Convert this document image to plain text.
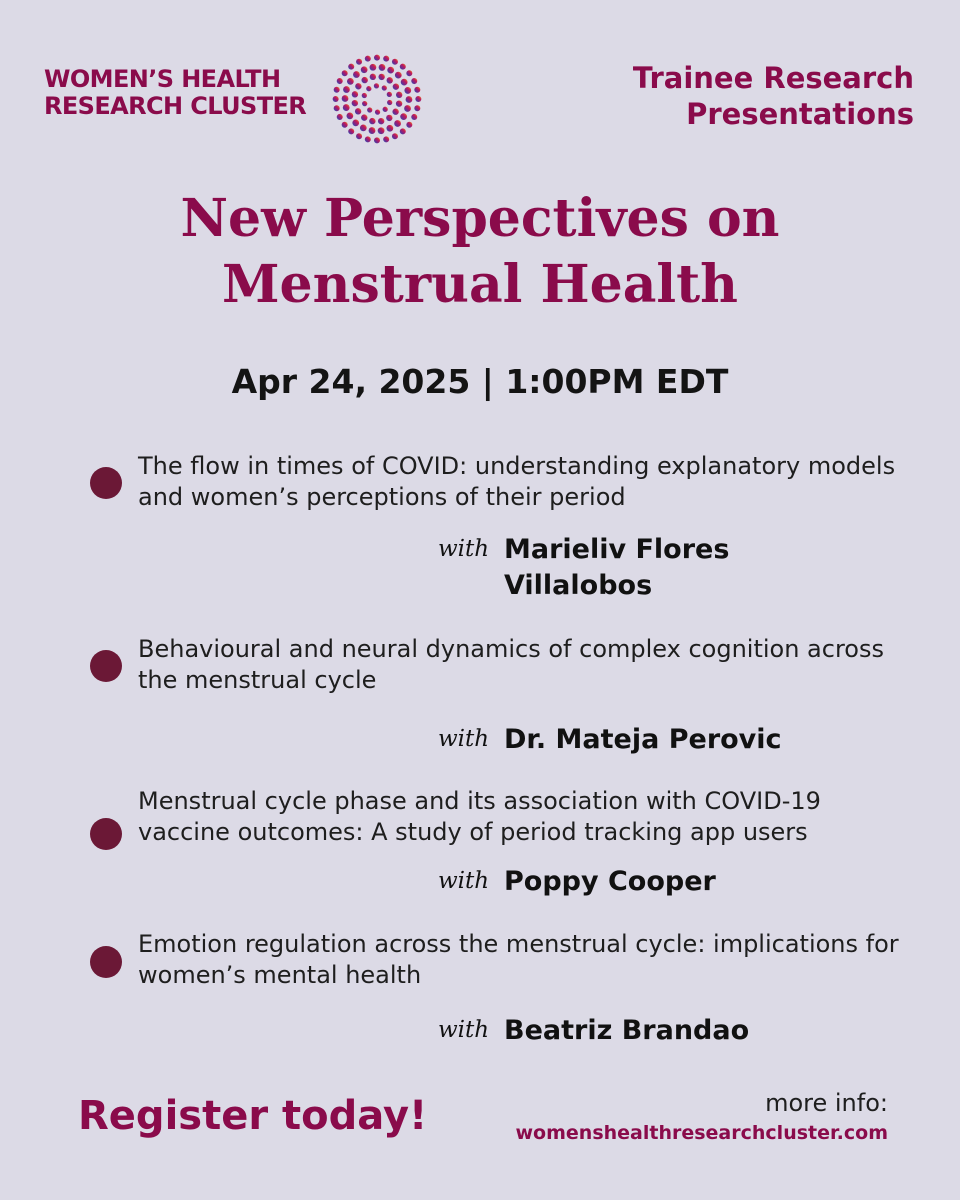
WOMEN’S HEALTH
RESEARCH CLUSTER
Trainee Research
Presentations
New Perspectives on
Menstrual Health
Apr 24, 2025 | 1:00PM EDT
The flow in times of COVID: understanding explanatory models and women’s perceptions of their period
with Marieliv Flores
Villalobos
Behavioural and neural dynamics of complex cognition across the menstrual cycle
with Dr. Mateja Perovic
Menstrual cycle phase and its association with COVID-19 vaccine outcomes: A study of period tracking app users
with Poppy Cooper
Emotion regulation across the menstrual cycle: implications for women’s mental health
with Beatriz Brandao
Register today!	more info:
womenshealthresearchcluster.com
